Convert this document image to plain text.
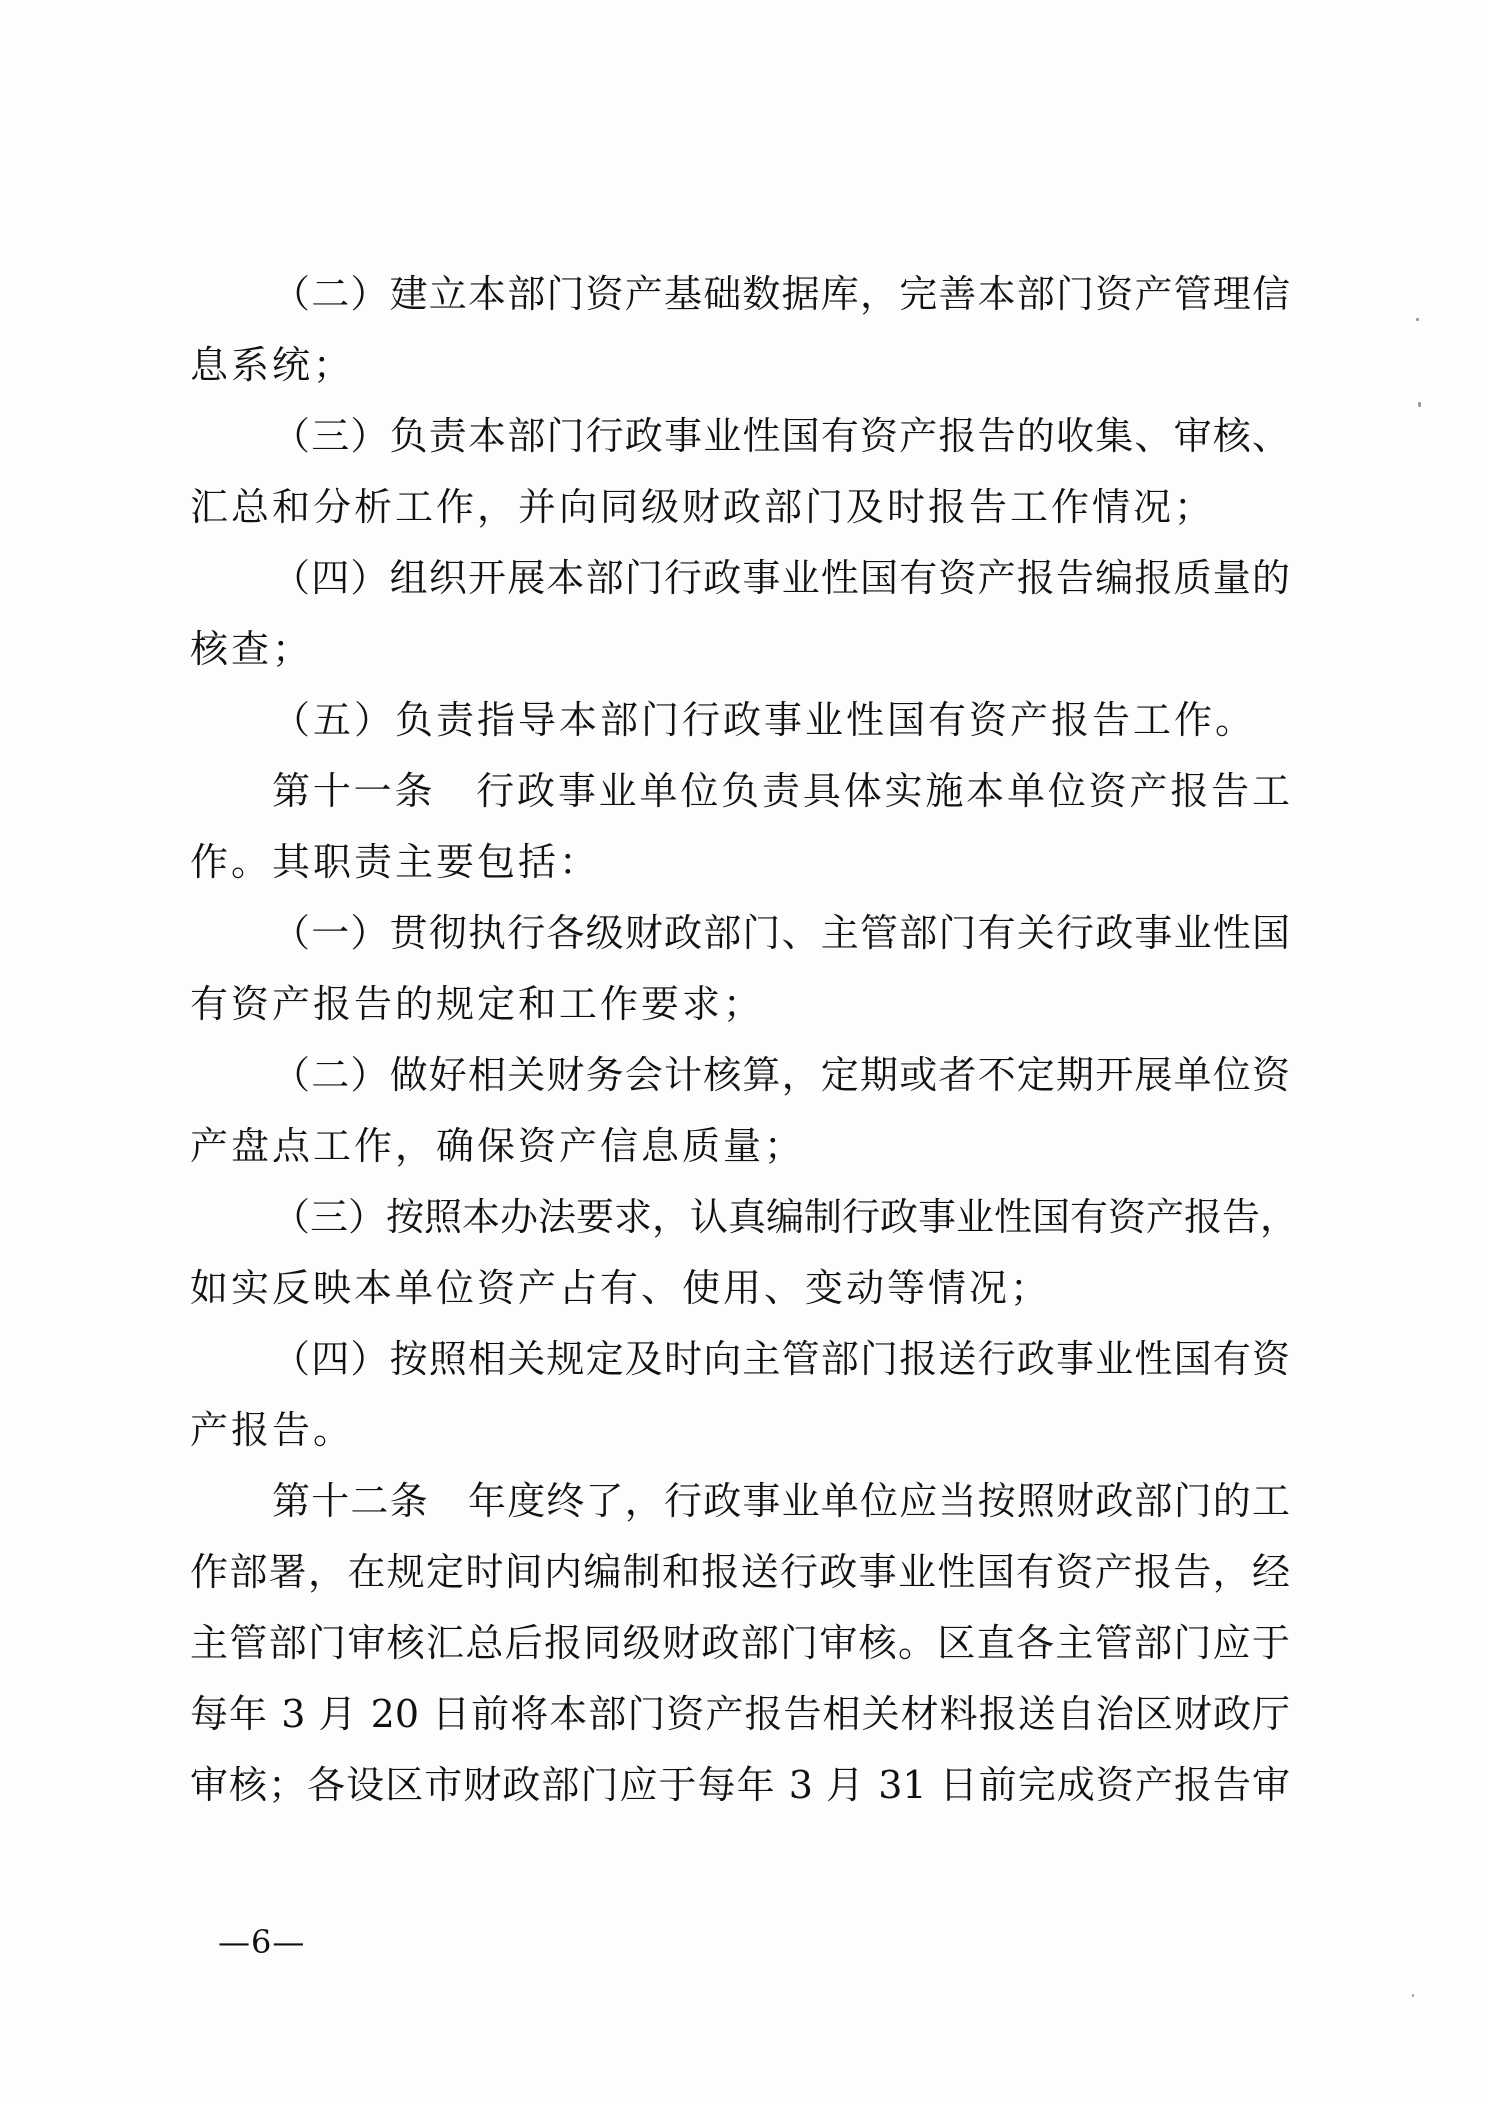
（二）建立本部门资产基础数据库，完善本部门资产管理信
息系统；
（三）负责本部门行政事业性国有资产报告的收集、审核、
汇总和分析工作，并向同级财政部门及时报告工作情况；
（四）组织开展本部门行政事业性国有资产报告编报质量的
核查；
（五）负责指导本部门行政事业性国有资产报告工作。
第十一条　行政事业单位负责具体实施本单位资产报告工
作。其职责主要包括：
（一）贯彻执行各级财政部门、主管部门有关行政事业性国
有资产报告的规定和工作要求；
（二）做好相关财务会计核算，定期或者不定期开展单位资
产盘点工作，确保资产信息质量；
（三）按照本办法要求，认真编制行政事业性国有资产报告，
如实反映本单位资产占有、使用、变动等情况；
（四）按照相关规定及时向主管部门报送行政事业性国有资
产报告。
第十二条　年度终了，行政事业单位应当按照财政部门的工
作部署，在规定时间内编制和报送行政事业性国有资产报告，经
主管部门审核汇总后报同级财政部门审核。区直各主管部门应于
每年 3 月 20 日前将本部门资产报告相关材料报送自治区财政厅
审核；各设区市财政部门应于每年 3 月 31 日前完成资产报告审
—6—
